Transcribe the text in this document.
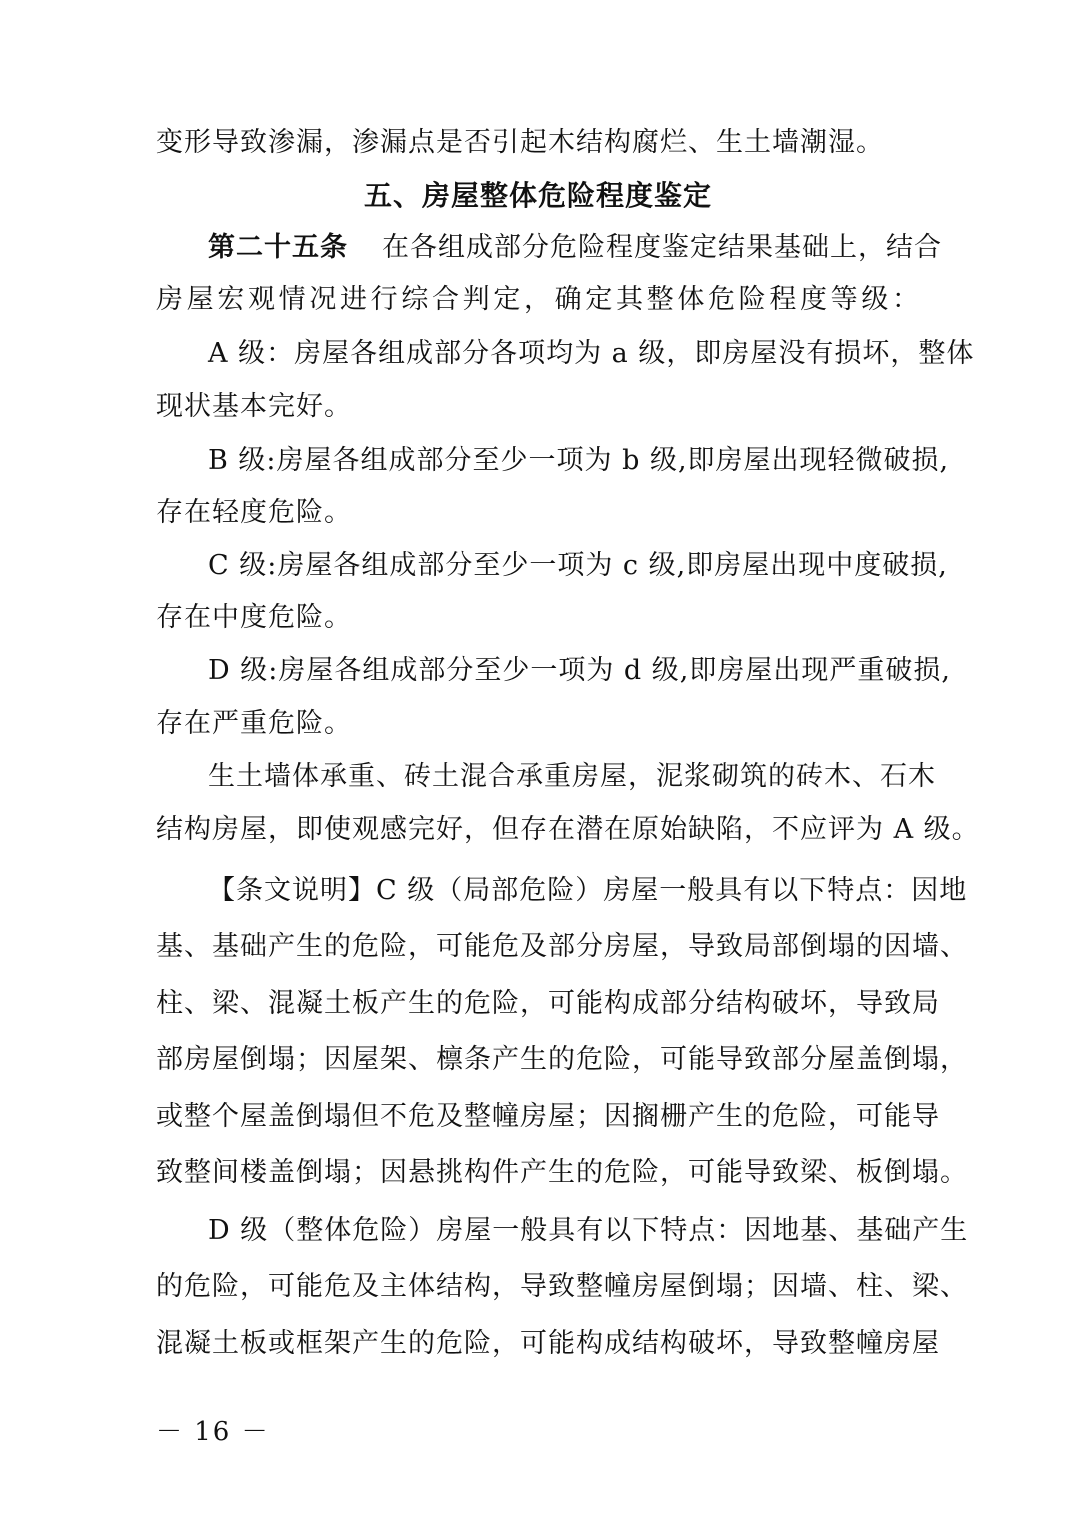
变形导致渗漏，渗漏点是否引起木结构腐烂、生土墙潮湿。
五、房屋整体危险程度鉴定
第二十五条 在各组成部分危险程度鉴定结果基础上，结合
房屋宏观情况进行综合判定，确定其整体危险程度等级：
A 级：房屋各组成部分各项均为 a 级，即房屋没有损坏，整体
现状基本完好。
B 级:房屋各组成部分至少一项为 b 级,即房屋出现轻微破损,
存在轻度危险。
C 级:房屋各组成部分至少一项为 c 级,即房屋出现中度破损,
存在中度危险。
D 级:房屋各组成部分至少一项为 d 级,即房屋出现严重破损,
存在严重危险。
生土墙体承重、砖土混合承重房屋，泥浆砌筑的砖木、石木
结构房屋，即使观感完好，但存在潜在原始缺陷，不应评为 A 级。
【条文说明】C 级（局部危险）房屋一般具有以下特点：因地
基、基础产生的危险，可能危及部分房屋，导致局部倒塌的因墙、
柱、梁、混凝土板产生的危险，可能构成部分结构破坏，导致局
部房屋倒塌；因屋架、檩条产生的危险，可能导致部分屋盖倒塌，
或整个屋盖倒塌但不危及整幢房屋；因搁栅产生的危险，可能导
致整间楼盖倒塌；因悬挑构件产生的危险，可能导致梁、板倒塌。
D 级（整体危险）房屋一般具有以下特点：因地基、基础产生
的危险，可能危及主体结构，导致整幢房屋倒塌；因墙、柱、梁、
混凝土板或框架产生的危险，可能构成结构破坏，导致整幢房屋
－ 16 －
